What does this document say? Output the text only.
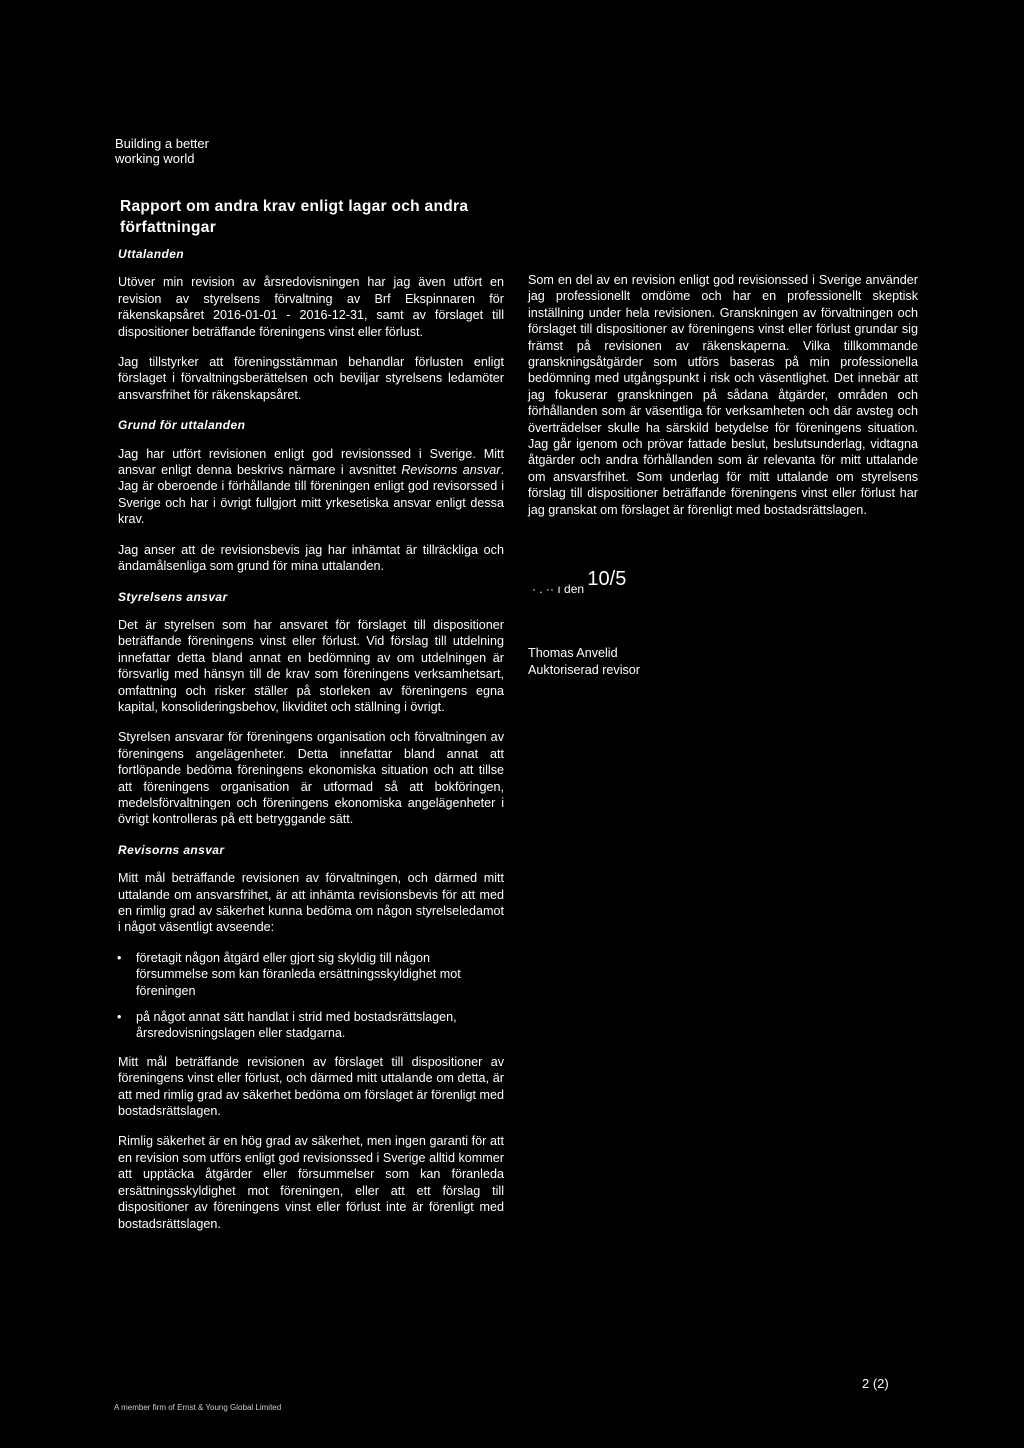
Building a better
working world
Rapport om andra krav enligt lagar och andra författningar
Uttalanden

Utöver min revision av årsredovisningen har jag även utfört en revision av styrelsens förvaltning av Brf Ekspinnaren för räkenskapsåret 2016-01-01 - 2016-12-31, samt av förslaget till dispositioner beträffande föreningens vinst eller förlust.

Jag tillstyrker att föreningsstämman behandlar förlusten enligt förslaget i förvaltningsberättelsen och beviljar styrelsens ledamöter ansvarsfrihet för räkenskapsåret.

Grund för uttalanden

Jag har utfört revisionen enligt god revisionssed i Sverige. Mitt ansvar enligt denna beskrivs närmare i avsnittet Revisorns ansvar. Jag är oberoende i förhållande till föreningen enligt god revisorssed i Sverige och har i övrigt fullgjort mitt yrkesetiska ansvar enligt dessa krav.

Jag anser att de revisionsbevis jag har inhämtat är tillräckliga och ändamålsenliga som grund för mina uttalanden.

Styrelsens ansvar

Det är styrelsen som har ansvaret för förslaget till dispositioner beträffande föreningens vinst eller förlust. Vid förslag till utdelning innefattar detta bland annat en bedömning av om utdelningen är försvarlig med hänsyn till de krav som föreningens verksamhetsart, omfattning och risker ställer på storleken av föreningens egna kapital, konsolideringsbehov, likviditet och ställning i övrigt.

Styrelsen ansvarar för föreningens organisation och förvaltningen av föreningens angelägenheter. Detta innefattar bland annat att fortlöpande bedöma föreningens ekonomiska situation och att tillse att föreningens organisation är utformad så att bokföringen, medelsförvaltningen och föreningens ekonomiska angelägenheter i övrigt kontrolleras på ett betryggande sätt.

Revisorns ansvar

Mitt mål beträffande revisionen av förvaltningen, och därmed mitt uttalande om ansvarsfrihet, är att inhämta revisionsbevis för att med en rimlig grad av säkerhet kunna bedöma om någon styrelseledamot i något väsentligt avseende:

• företagit någon åtgärd eller gjort sig skyldig till någon försummelse som kan föranleda ersättningsskyldighet mot föreningen
• på något annat sätt handlat i strid med bostadsrättslagen, årsredovisningslagen eller stadgarna.

Mitt mål beträffande revisionen av förslaget till dispositioner av föreningens vinst eller förlust, och därmed mitt uttalande om detta, är att med rimlig grad av säkerhet bedöma om förslaget är förenligt med bostadsrättslagen.

Rimlig säkerhet är en hög grad av säkerhet, men ingen garanti för att en revision som utförs enligt god revisionssed i Sverige alltid kommer att upptäcka åtgärder eller försummelser som kan föranleda ersättningsskyldighet mot föreningen, eller att ett förslag till dispositioner av föreningens vinst eller förlust inte är förenligt med bostadsrättslagen.

Som en del av en revision enligt god revisionssed i Sverige använder jag professionellt omdöme och har en professionellt skeptisk inställning under hela revisionen. Granskningen av förvaltningen och förslaget till dispositioner av föreningens vinst eller förlust grundar sig främst på revisionen av räkenskaperna. Vilka tillkommande granskningsåtgärder som utförs baseras på min professionella bedömning med utgångspunkt i risk och väsentlighet. Det innebär att jag fokuserar granskningen på sådana åtgärder, områden och förhållanden som är väsentliga för verksamheten och där avsteg och överträdelser skulle ha särskild betydelse för föreningens situation. Jag går igenom och prövar fattade beslut, beslutsunderlag, vidtagna åtgärder och andra förhållanden som är relevanta för mitt uttalande om ansvarsfrihet. Som underlag för mitt uttalande om styrelsens förslag till dispositioner beträffande föreningens vinst eller förlust har jag granskat om förslaget är förenligt med bostadsrättslagen.

· . ·· ı den 10/5
Thomas Anvelid
Auktoriserad revisor
2 (2)
A member firm of Ernst & Young Global Limited
